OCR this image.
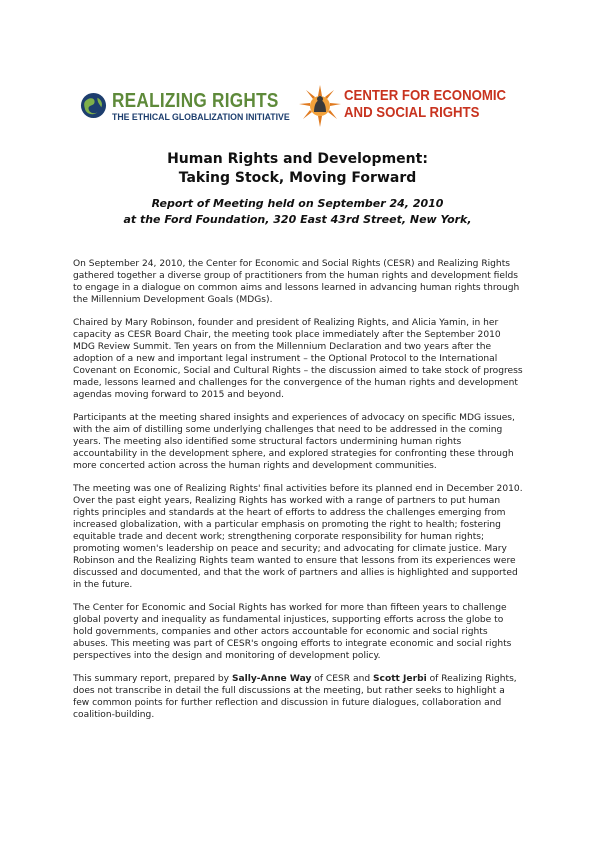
REALIZING RIGHTS
THE ETHICAL GLOBALIZATION INITIATIVE
CENTER FOR ECONOMIC
AND SOCIAL RIGHTS
Human Rights and Development:
Taking Stock, Moving Forward
Report of Meeting held on September 24, 2010
at the Ford Foundation, 320 East 43rd Street, New York,

On September 24, 2010, the Center for Economic and Social Rights (CESR) and Realizing Rights gathered together a diverse group of practitioners from the human rights and development fields to engage in a dialogue on common aims and lessons learned in advancing human rights through the Millennium Development Goals (MDGs).

Chaired by Mary Robinson, founder and president of Realizing Rights, and Alicia Yamin, in her capacity as CESR Board Chair, the meeting took place immediately after the September 2010 MDG Review Summit. Ten years on from the Millennium Declaration and two years after the adoption of a new and important legal instrument – the Optional Protocol to the International Covenant on Economic, Social and Cultural Rights – the discussion aimed to take stock of progress made, lessons learned and challenges for the convergence of the human rights and development agendas moving forward to 2015 and beyond.

Participants at the meeting shared insights and experiences of advocacy on specific MDG issues, with the aim of distilling some underlying challenges that need to be addressed in the coming years. The meeting also identified some structural factors undermining human rights accountability in the development sphere, and explored strategies for confronting these through more concerted action across the human rights and development communities.

The meeting was one of Realizing Rights' final activities before its planned end in December 2010. Over the past eight years, Realizing Rights has worked with a range of partners to put human rights principles and standards at the heart of efforts to address the challenges emerging from increased globalization, with a particular emphasis on promoting the right to health; fostering equitable trade and decent work; strengthening corporate responsibility for human rights; promoting women's leadership on peace and security; and advocating for climate justice. Mary Robinson and the Realizing Rights team wanted to ensure that lessons from its experiences were discussed and documented, and that the work of partners and allies is highlighted and supported in the future.

The Center for Economic and Social Rights has worked for more than fifteen years to challenge global poverty and inequality as fundamental injustices, supporting efforts across the globe to hold governments, companies and other actors accountable for economic and social rights abuses. This meeting was part of CESR's ongoing efforts to integrate economic and social rights perspectives into the design and monitoring of development policy.

This summary report, prepared by Sally-Anne Way of CESR and Scott Jerbi of Realizing Rights, does not transcribe in detail the full discussions at the meeting, but rather seeks to highlight a few common points for further reflection and discussion in future dialogues, collaboration and coalition-building.
